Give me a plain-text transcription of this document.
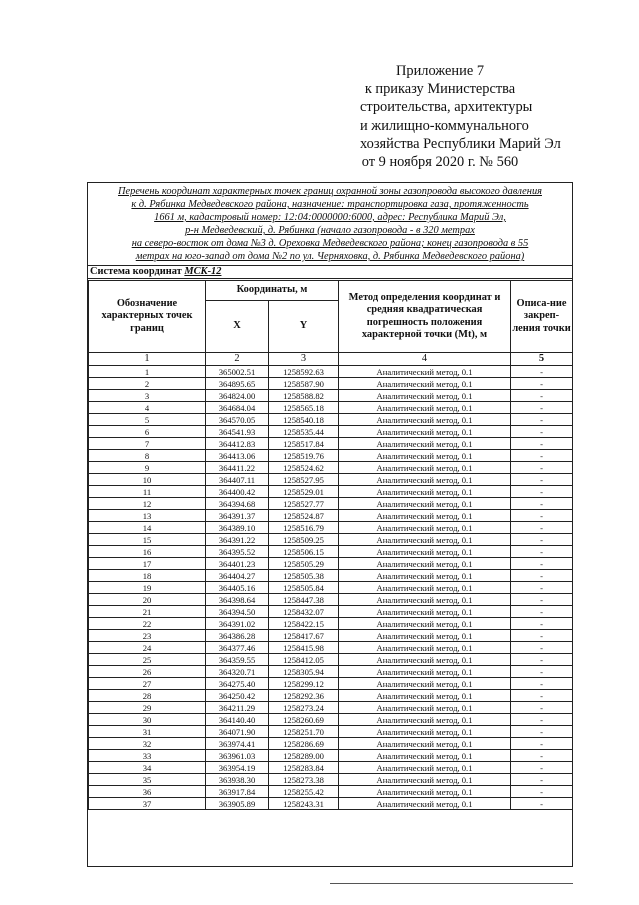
Приложение 7
к приказу Министерства
строительства, архитектуры
и жилищно-коммунального
хозяйства Республики Марий Эл
от 9 ноября 2020 г. № 560
Перечень координат характерных точек границ охранной зоны газопровода высокого давления
к д. Рябинка Медведевского района, назначение: транспортировка газа, протяженность
1661 м, кадастровый номер: 12:04:0000000:6000, адрес: Республика Марий Эл,
р-н Медведевский, д. Рябинка (начало газопровода - в 320 метрах
на северо-восток от дома №3 д. Ореховка Медведевского района; конец газопровода в 55
метрах на юго-запад от дома №2 по ул. Черняховка, д. Рябинка Медведевского района)
Система координат МСК-12
Обозначение характерных точек границ	Координаты, м		Метод определения координат и средняя квадратическая погрешность положения характерной точки (Mt), м	Описа-ние закреп-ления точки
	X	Y		
1	2	3	4	5
1	365002.51	1258592.63	Аналитический метод, 0.1	-
2	364895.65	1258587.90	Аналитический метод, 0.1	-
3	364824.00	1258588.82	Аналитический метод, 0.1	-
4	364684.04	1258565.18	Аналитический метод, 0.1	-
5	364570.05	1258540.18	Аналитический метод, 0.1	-
6	364541.93	1258535.44	Аналитический метод, 0.1	-
7	364412.83	1258517.84	Аналитический метод, 0.1	-
8	364413.06	1258519.76	Аналитический метод, 0.1	-
9	364411.22	1258524.62	Аналитический метод, 0.1	-
10	364407.11	1258527.95	Аналитический метод, 0.1	-
11	364400.42	1258529.01	Аналитический метод, 0.1	-
12	364394.68	1258527.77	Аналитический метод, 0.1	-
13	364391.37	1258524.87	Аналитический метод, 0.1	-
14	364389.10	1258516.79	Аналитический метод, 0.1	-
15	364391.22	1258509.25	Аналитический метод, 0.1	-
16	364395.52	1258506.15	Аналитический метод, 0.1	-
17	364401.23	1258505.29	Аналитический метод, 0.1	-
18	364404.27	1258505.38	Аналитический метод, 0.1	-
19	364405.16	1258505.84	Аналитический метод, 0.1	-
20	364398.64	1258447.38	Аналитический метод, 0.1	-
21	364394.50	1258432.07	Аналитический метод, 0.1	-
22	364391.02	1258422.15	Аналитический метод, 0.1	-
23	364386.28	1258417.67	Аналитический метод, 0.1	-
24	364377.46	1258415.98	Аналитический метод, 0.1	-
25	364359.55	1258412.05	Аналитический метод, 0.1	-
26	364320.71	1258305.94	Аналитический метод, 0.1	-
27	364275.40	1258299.12	Аналитический метод, 0.1	-
28	364250.42	1258292.36	Аналитический метод, 0.1	-
29	364211.29	1258273.24	Аналитический метод, 0.1	-
30	364140.40	1258260.69	Аналитический метод, 0.1	-
31	364071.90	1258251.70	Аналитический метод, 0.1	-
32	363974.41	1258286.69	Аналитический метод, 0.1	-
33	363961.03	1258289.00	Аналитический метод, 0.1	-
34	363954.19	1258283.84	Аналитический метод, 0.1	-
35	363938.30	1258273.38	Аналитический метод, 0.1	-
36	363917.84	1258255.42	Аналитический метод, 0.1	-
37	363905.89	1258243.31	Аналитический метод, 0.1	-
